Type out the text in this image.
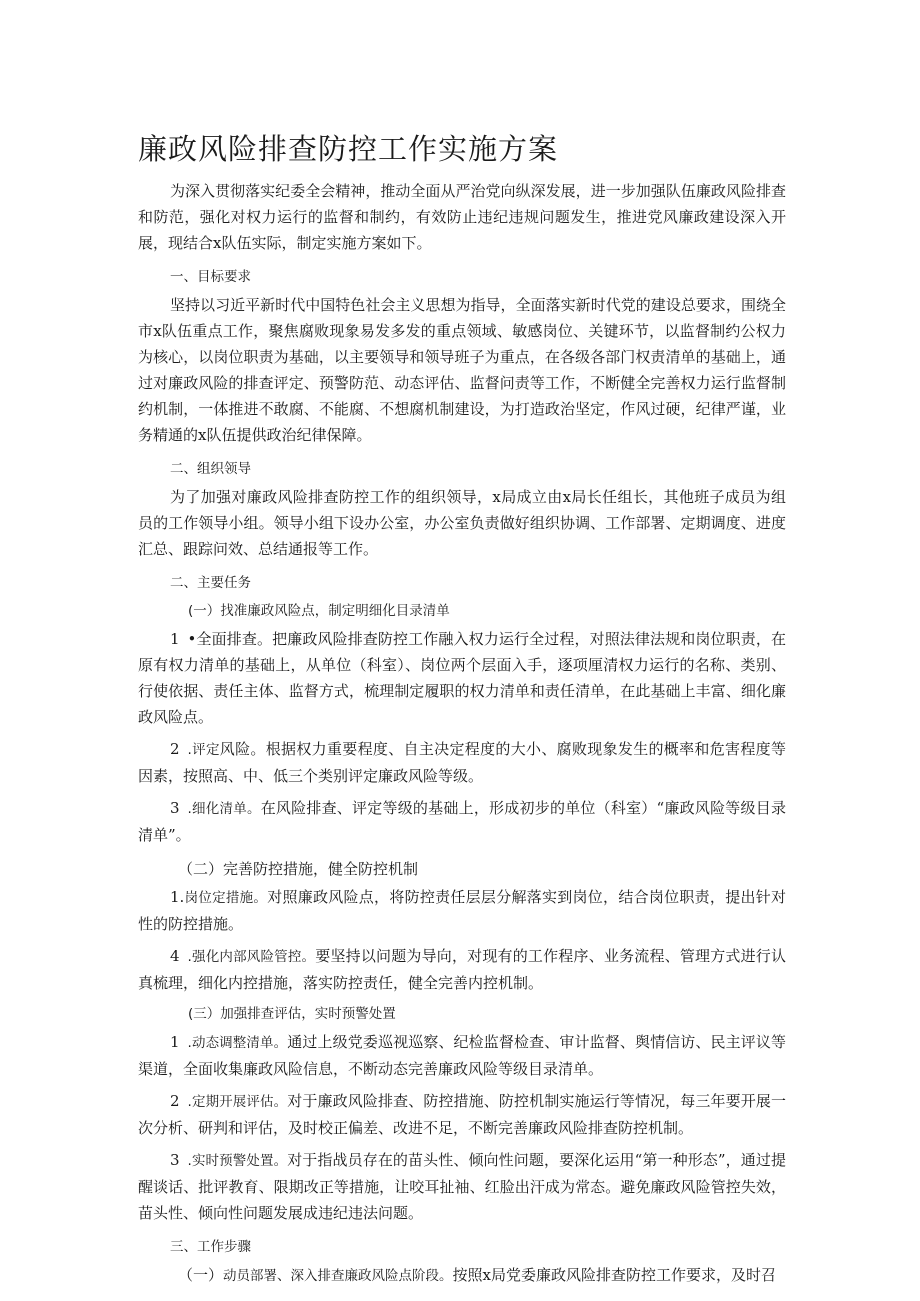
廉政风险排查防控工作实施方案

为深入贯彻落实纪委全会精神，推动全面从严治党向纵深发展，进一步加强队伍廉政风险排查和防范，强化对权力运行的监督和制约，有效防止违纪违规问题发生，推进党风廉政建设深入开展，现结合x队伍实际，制定实施方案如下。

一、目标要求

坚持以习近平新时代中国特色社会主义思想为指导，全面落实新时代党的建设总要求，围绕全市x队伍重点工作，聚焦腐败现象易发多发的重点领域、敏感岗位、关键环节，以监督制约公权力为核心，以岗位职责为基础，以主要领导和领导班子为重点，在各级各部门权责清单的基础上，通过对廉政风险的排查评定、预警防范、动态评估、监督问责等工作，不断健全完善权力运行监督制约机制，一体推进不敢腐、不能腐、不想腐机制建设，为打造政治坚定，作风过硬，纪律严谨，业务精通的x队伍提供政治纪律保障。

二、组织领导

为了加强对廉政风险排查防控工作的组织领导，x局成立由x局长任组长，其他班子成员为组员的工作领导小组。领导小组下设办公室，办公室负责做好组织协调、工作部署、定期调度、进度汇总、跟踪问效、总结通报等工作。

二、主要任务

(一）找准廉政风险点，制定明细化目录清单

1 •全面排查。把廉政风险排查防控工作融入权力运行全过程，对照法律法规和岗位职责，在原有权力清单的基础上，从单位（科室）、岗位两个层面入手，逐项厘清权力运行的名称、类别、行使依据、责任主体、监督方式，梳理制定履职的权力清单和责任清单，在此基础上丰富、细化廉政风险点。

2 .评定风险。根据权力重要程度、自主决定程度的大小、腐败现象发生的概率和危害程度等因素，按照高、中、低三个类别评定廉政风险等级。

3 .细化清单。在风险排查、评定等级的基础上，形成初步的单位（科室）“廉政风险等级目录清单”。

（二）完善防控措施，健全防控机制

1.岗位定措施。对照廉政风险点，将防控责任层层分解落实到岗位，结合岗位职责，提出针对性的防控措施。

4 .强化内部风险管控。要坚持以问题为导向，对现有的工作程序、业务流程、管理方式进行认真梳理，细化内控措施，落实防控责任，健全完善内控机制。

(三）加强排查评估，实时预警处置

1 .动态调整清单。通过上级党委巡视巡察、纪检监督检查、审计监督、舆情信访、民主评议等渠道，全面收集廉政风险信息，不断动态完善廉政风险等级目录清单。

2 .定期开展评估。对于廉政风险排查、防控措施、防控机制实施运行等情况，每三年要开展一次分析、研判和评估，及时校正偏差、改进不足，不断完善廉政风险排查防控机制。

3 .实时预警处置。对于指战员存在的苗头性、倾向性问题，要深化运用“第一种形态”，通过提醒谈话、批评教育、限期改正等措施，让咬耳扯袖、红脸出汗成为常态。避免廉政风险管控失效，苗头性、倾向性问题发展成违纪违法问题。

三、工作步骤

（一）动员部署、深入排查廉政风险点阶段。按照x局党委廉政风险排查防控工作要求，及时召
